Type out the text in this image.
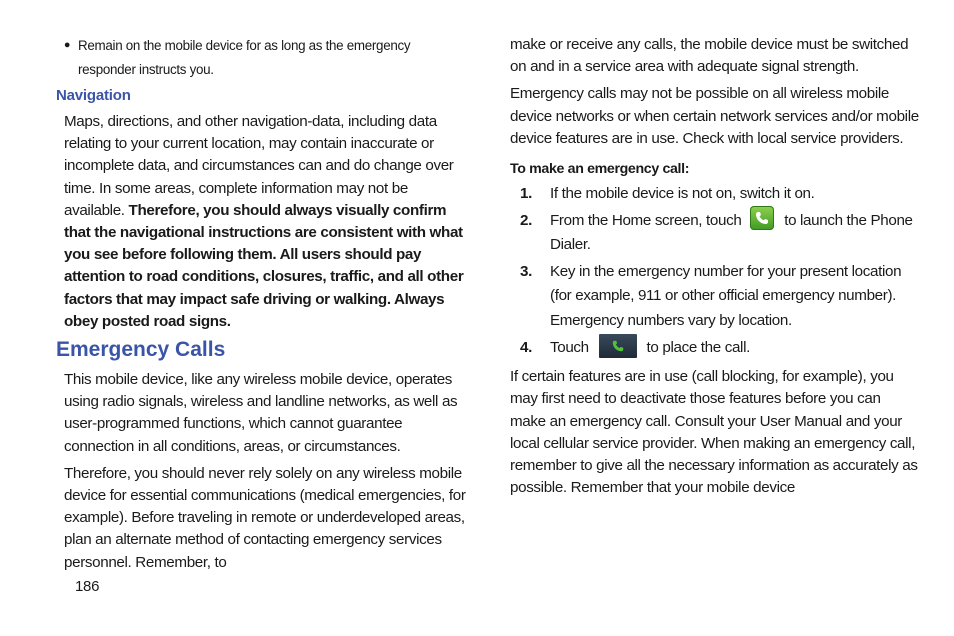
● Remain on the mobile device for as long as the emergency responder instructs you.
Navigation

Maps, directions, and other navigation-data, including data relating to your current location, may contain inaccurate or incomplete data, and circumstances can and do change over time. In some areas, complete information may not be available. Therefore, you should always visually confirm that the navigational instructions are consistent with what you see before following them. All users should pay attention to road conditions, closures, traffic, and all other factors that may impact safe driving or walking. Always obey posted road signs.

Emergency Calls

This mobile device, like any wireless mobile device, operates using radio signals, wireless and landline networks, as well as user-programmed functions, which cannot guarantee connection in all conditions, areas, or circumstances.

Therefore, you should never rely solely on any wireless mobile device for essential communications (medical emergencies, for example). Before traveling in remote or underdeveloped areas, plan an alternate method of contacting emergency services personnel. Remember, to

make or receive any calls, the mobile device must be switched on and in a service area with adequate signal strength.

Emergency calls may not be possible on all wireless mobile device networks or when certain network services and/or mobile device features are in use. Check with local service providers.

To make an emergency call:
1.	If the mobile device is not on, switch it on.
2.	From the Home screen, touch
to launch the Phone Dialer.
3.	Key in the emergency number for your present location (for example, 911 or other official emergency number). Emergency numbers vary by location.
4.	Touch	to place the call.

If certain features are in use (call blocking, for example), you may first need to deactivate those features before you can make an emergency call. Consult your User Manual and your local cellular service provider. When making an emergency call, remember to give all the necessary information as accurately as possible. Remember that your mobile device

186
